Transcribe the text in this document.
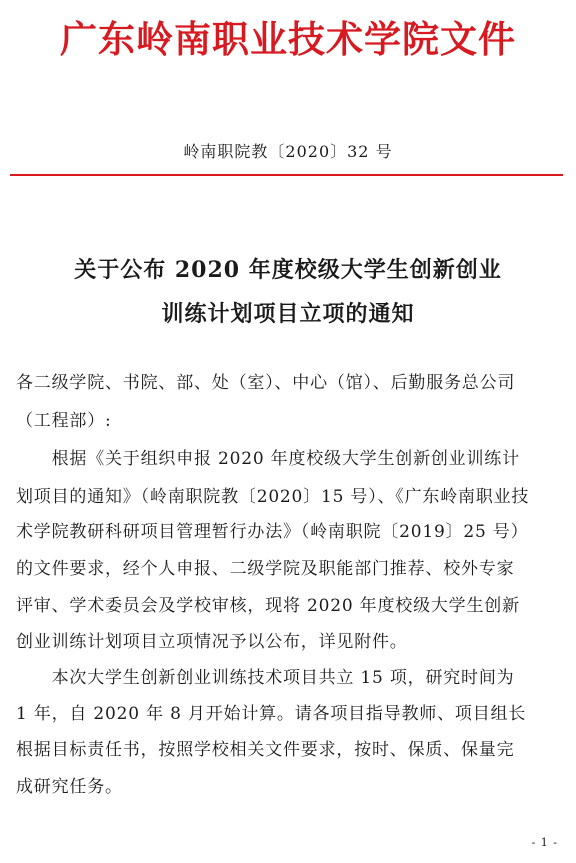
广东岭南职业技术学院文件
岭南职院教〔2020〕32 号
关于公布 2020 年度校级大学生创新创业
训练计划项目立项的通知
各二级学院、书院、部、处（室）、中心（馆）、后勤服务总公司
（工程部）:
　　根据《关于组织申报 2020 年度校级大学生创新创业训练计
划项目的通知》（岭南职院教〔2020〕15 号）、《广东岭南职业技
术学院教研科研项目管理暂行办法》（岭南职院〔2019〕25 号）
的文件要求，经个人申报、二级学院及职能部门推荐、校外专家
评审、学术委员会及学校审核，现将 2020 年度校级大学生创新
创业训练计划项目立项情况予以公布，详见附件。
　　本次大学生创新创业训练技术项目共立 15 项，研究时间为
1 年，自 2020 年 8 月开始计算。请各项目指导教师、项目组长
根据目标责任书，按照学校相关文件要求，按时、保质、保量完
成研究任务。
- 1 -
